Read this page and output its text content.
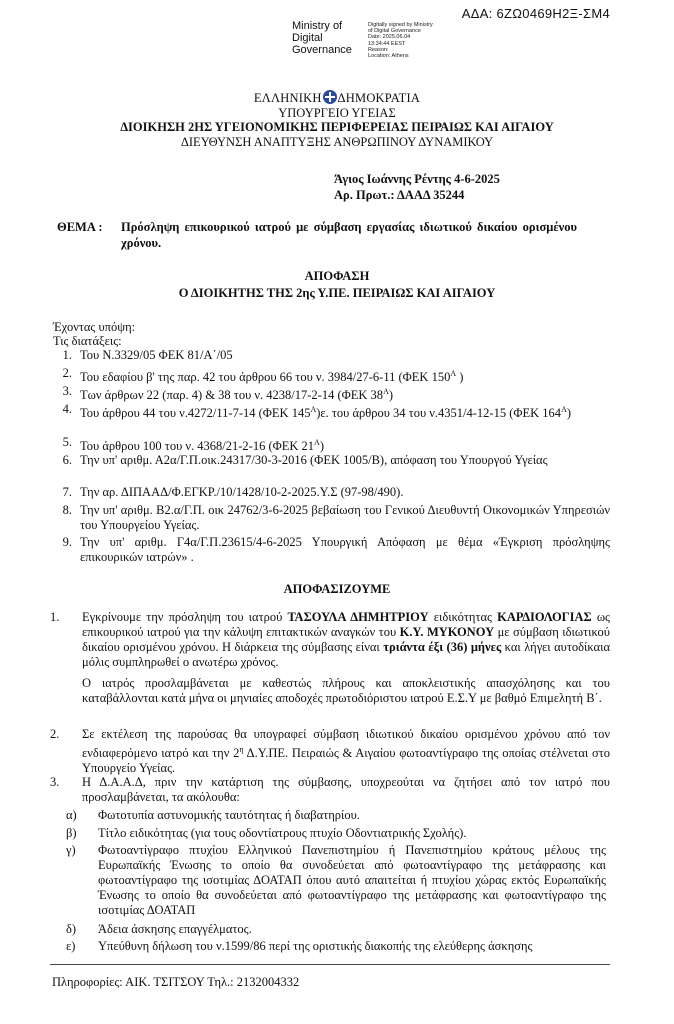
ΑΔΑ: 6ΖΩ0469Η2Ξ-ΣΜ4
Ministry of
Digital
Governance
Digitally signed by Ministry
of Digital Governance
Date: 2025.06.04
13:34:44 EEST
Reason:
Location: Athens
ΕΛΛΗΝΙΚΗ ΔΗΜΟΚΡΑΤΙΑ
ΥΠΟΥΡΓΕΙΟ ΥΓΕΙΑΣ
ΔΙΟΙΚΗΣΗ 2ΗΣ ΥΓΕΙΟΝΟΜΙΚΗΣ ΠΕΡΙΦΕΡΕΙΑΣ ΠΕΙΡΑΙΩΣ ΚΑΙ ΑΙΓΑΙΟΥ
ΔΙΕΥΘΥΝΣΗ ΑΝΑΠΤΥΞΗΣ ΑΝΘΡΩΠΙΝΟΥ ΔΥΝΑΜΙΚΟΥ
Άγιος Ιωάννης Ρέντης 4-6-2025
Αρ. Πρωτ.: ΔΑΑΔ 35244
ΘΕΜΑ : Πρόσληψη επικουρικού ιατρού με σύμβαση εργασίας ιδιωτικού δικαίου ορισμένου χρόνου.
ΑΠΟΦΑΣΗ
Ο ΔΙΟΙΚΗΤΗΣ ΤΗΣ 2ης Υ.ΠΕ. ΠΕΙΡΑΙΩΣ ΚΑΙ ΑΙΓΑΙΟΥ
Έχοντας υπόψη:
Τις διατάξεις:
1. Του Ν.3329/05 ΦΕΚ 81/Α΄/05
2. Του εδαφίου β' της παρ. 42 του άρθρου 66 του ν. 3984/27-6-11 (ΦΕΚ $150^A$ )
3. Των άρθρων 22 (παρ. 4) & 38 του ν. 4238/17-2-14 (ΦΕΚ $38^A$)
4. Του άρθρου 44 του ν.4272/11-7-14 (ΦΕΚ $145^A)\varepsilon$. του άρθρου 34 του ν.4351/4-12-15 (ΦΕΚ $164^A$)
5. Του άρθρου 100 του ν. 4368/21-2-16 (ΦΕΚ $21^A$)
6. Την υπ' αριθμ. Α2α/Γ.Π.οικ.24317/30-3-2016 (ΦΕΚ 1005/Β), απόφαση του Υπουργού Υγείας
7. Την αρ. ΔΙΠΑΑΔ/Φ.ΕΓΚΡ./10/1428/10-2-2025.Υ.Σ (97-98/490).
8. Την υπ' αριθμ. Β2.α/Γ.Π. οικ 24762/3-6-2025 βεβαίωση του Γενικού Διευθυντή Οικονομικών Υπηρεσιών του Υπουργείου Υγείας.
9. Την υπ' αριθμ. Γ4α/Γ.Π.23615/4-6-2025 Υπουργική Απόφαση με θέμα «Έγκριση πρόσληψης επικουρικών ιατρών» .
ΑΠΟΦΑΣΙΖΟΥΜΕ
1.	Εγκρίνουμε την πρόσληψη του ιατρού ΤΑΣΟΥΛΑ ΔΗΜΗΤΡΙΟΥ ειδικότητας ΚΑΡΔΙΟΛΟΓΙΑΣ ως επικουρικού ιατρού για την κάλυψη επιτακτικών αναγκών του Κ.Υ. ΜΥΚΟΝΟΥ με σύμβαση ιδιωτικού δικαίου ορισμένου χρόνου. Η διάρκεια της σύμβασης είναι τριάντα έξι (36) μήνες και λήγει αυτοδίκαια μόλις συμπληρωθεί ο ανωτέρω χρόνος.
Ο ιατρός προσλαμβάνεται με καθεστώς πλήρους και αποκλειστικής απασχόλησης και του καταβάλλονται κατά μήνα οι μηνιαίες αποδοχές πρωτοδιόριστου ιατρού Ε.Σ.Υ με βαθμό Επιμελητή Β΄.
2.	Σε εκτέλεση της παρούσας θα υπογραφεί σύμβαση ιδιωτικού δικαίου ορισμένου χρόνου από τον ενδιαφερόμενο ιατρό και την $2^\eta$ Δ.Υ.ΠΕ. Πειραιώς & Αιγαίου φωτοαντίγραφο της οποίας στέλνεται στο Υπουργείο Υγείας.
3.	Η Δ.Α.Α.Δ, πριν την κατάρτιση της σύμβασης, υποχρεούται να ζητήσει από τον ιατρό που προσλαμβάνεται, τα ακόλουθα:
α)	Φωτοτυπία αστυνομικής ταυτότητας ή διαβατηρίου.
β)	Τίτλο ειδικότητας (για τους οδοντίατρους πτυχίο Οδοντιατρικής Σχολής).
γ)	Φωτοαντίγραφο πτυχίου Ελληνικού Πανεπιστημίου ή Πανεπιστημίου κράτους μέλους της Ευρωπαϊκής Ένωσης το οποίο θα συνοδεύεται από φωτοαντίγραφο της μετάφρασης και φωτοαντίγραφο της ισοτιμίας ΔΟΑΤΑΠ όπου αυτό απαιτείται ή πτυχίου χώρας εκτός Ευρωπαϊκής Ένωσης το οποίο θα συνοδεύεται από φωτοαντίγραφο της μετάφρασης και φωτοαντίγραφο της ισοτιμίας ΔΟΑΤΑΠ
δ)	Άδεια άσκησης επαγγέλματος.
ε)	Υπεύθυνη δήλωση του ν.1599/86 περί της οριστικής διακοπής της ελεύθερης άσκησης
Πληροφορίες: ΑΙΚ. ΤΣΙΤΣΟΥ Τηλ.: 2132004332
